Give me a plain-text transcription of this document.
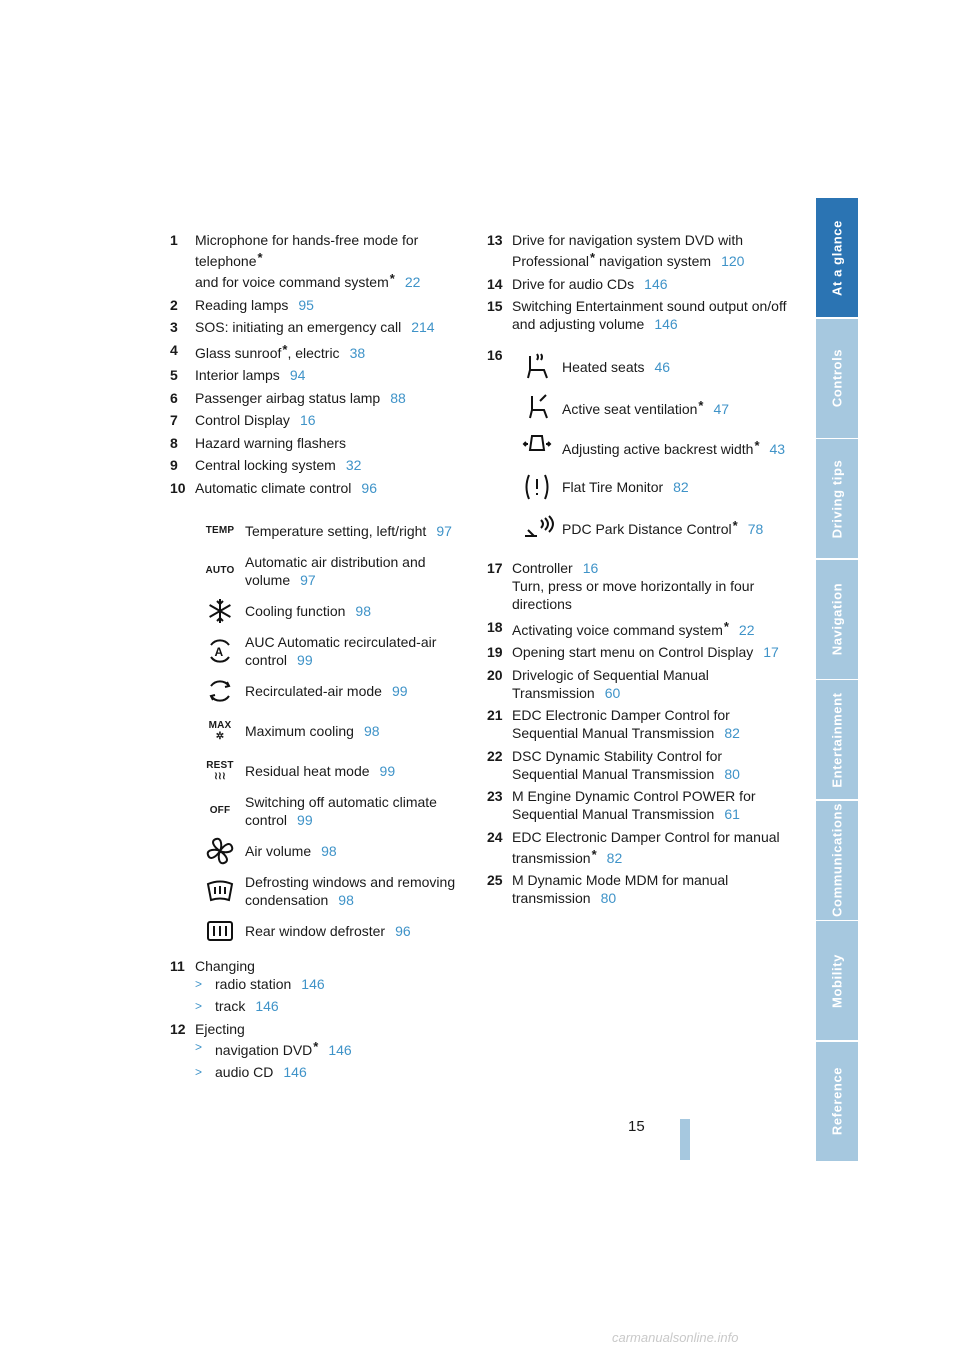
1 Microphone for hands-free mode for telephone*
and for voice command system* 22
2 Reading lamps 95
3 SOS: initiating an emergency call 214
4 Glass sunroof*, electric 38
5 Interior lamps 94
6 Passenger airbag status lamp 88
7 Control Display 16
8 Hazard warning flashers
9 Central locking system 32
10 Automatic climate control 96
TEMP Temperature setting, left/right 97
AUTO
Automatic air distribution and volume 97
Cooling function 98
A
AUC Automatic recirculated-air control 99
Recirculated-air mode 99
MAX

✲	Maximum cooling 98
REST

≀≀≀	Residual heat mode 99
OFF
Switching off automatic climate control 99
Air volume 98
Defrosting windows and removing condensation 98
Rear window defroster 96
11 Changing
> radio station 146
> track 146
12 Ejecting
> navigation DVD* 146
> audio CD 146
13 Drive for navigation system DVD with Professional* navigation system 120
14 Drive for audio CDs 146
15 Switching Entertainment sound output on/off and adjusting volume 146
16
Heated seats 46
Active seat ventilation* 47
Adjusting active backrest width* 43
Flat Tire Monitor 82
PDC Park Distance Control* 78
17 Controller 16
Turn, press or move horizontally in four directions
18 Activating voice command system* 22
19 Opening start menu on Control Display 17
20 Drivelogic of Sequential Manual Transmission 60
21 EDC Electronic Damper Control for Sequential Manual Transmission 82
22 DSC Dynamic Stability Control for Sequential Manual Transmission 80
23 M Engine Dynamic Control POWER for Sequential Manual Transmission 61
24 EDC Electronic Damper Control for manual transmission* 82
25 M Dynamic Mode MDM for manual transmission 80
At a glance
Controls
Driving tips
Navigation
Entertainment
Communications
Mobility
Reference
15
carmanualsonline.info
